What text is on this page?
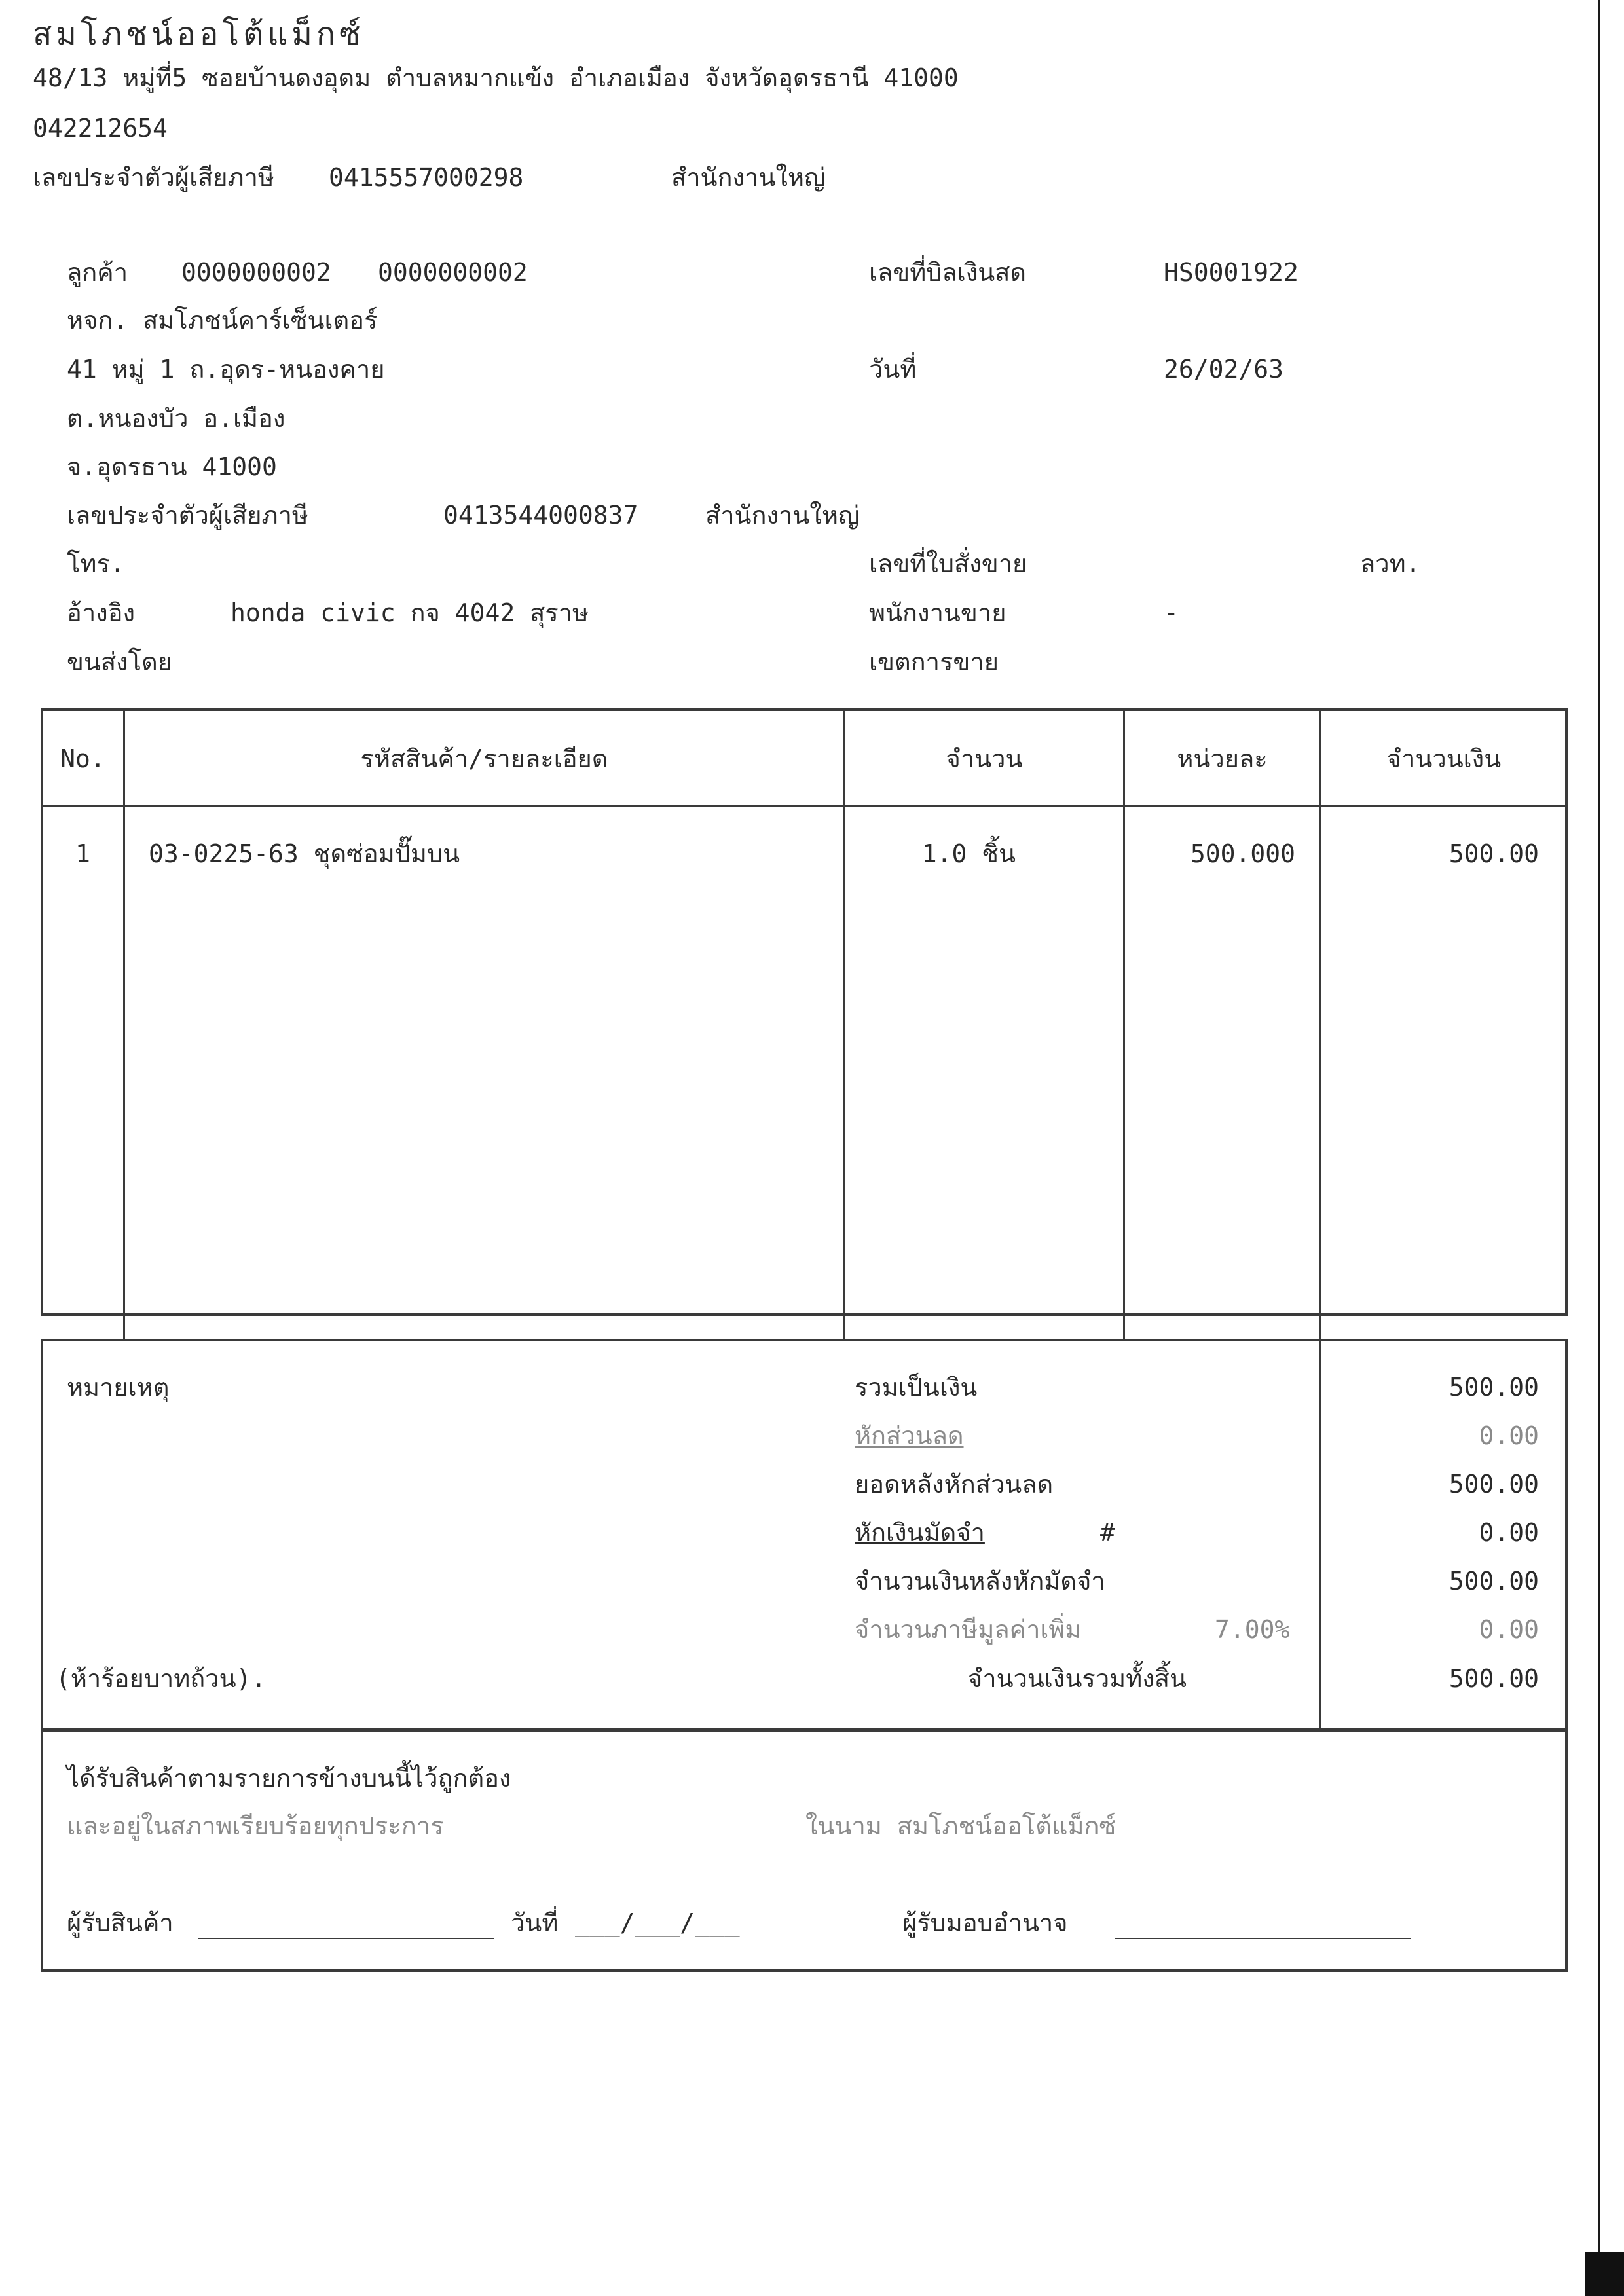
สมโภชน์ออโต้แม็กซ์
48/13 หมู่ที่5 ซอยบ้านดงอุดม ตำบลหมากแข้ง อำเภอเมือง จังหวัดอุดรธานี 41000
042212654
เลขประจำตัวผู้เสียภาษี 0415557000298	สำนักงานใหญ่
ลูกค้า 0000000002 0000000002
หจก. สมโภชน์คาร์เซ็นเตอร์
41 หมู่ 1 ถ.อุดร-หนองคาย
ต.หนองบัว อ.เมือง
จ.อุดรธาน 41000
เลขประจำตัวผู้เสียภาษี	0413544000837	สำนักงานใหญ่
โทร.
อ้างอิง	honda civic กจ 4042 สุราษ
ขนส่งโดย
เลขที่บิลเงินสด	HS0001922
วันที่	26/02/63
เลขที่ใบสั่งขาย	ลวท.
พนักงานขาย	-
เขตการขาย
No.	รหัสสินค้า/รายละเอียด	จำนวน	หน่วยละ	จำนวนเงิน
1	03-0225-63 ชุดซ่อมปั๊มบน	1.0 ชิ้น	500.000	500.00
หมายเหตุ	รวมเป็นเงิน	500.00
หักส่วนลด	0.00
ยอดหลังหักส่วนลด	500.00
หักเงินมัดจำ	#	0.00
จำนวนเงินหลังหักมัดจำ	500.00
จำนวนภาษีมูลค่าเพิ่ม	7.00%	0.00
(ห้าร้อยบาทถ้วน).	จำนวนเงินรวมทั้งสิ้น	500.00
ได้รับสินค้าตามรายการข้างบนนี้ไว้ถูกต้อง
และอยู่ในสภาพเรียบร้อยทุกประการ	ในนาม สมโภชน์ออโต้แม็กซ์
ผู้รับสินค้า	วันที่ ___/___/___	ผู้รับมอบอำนาจ
